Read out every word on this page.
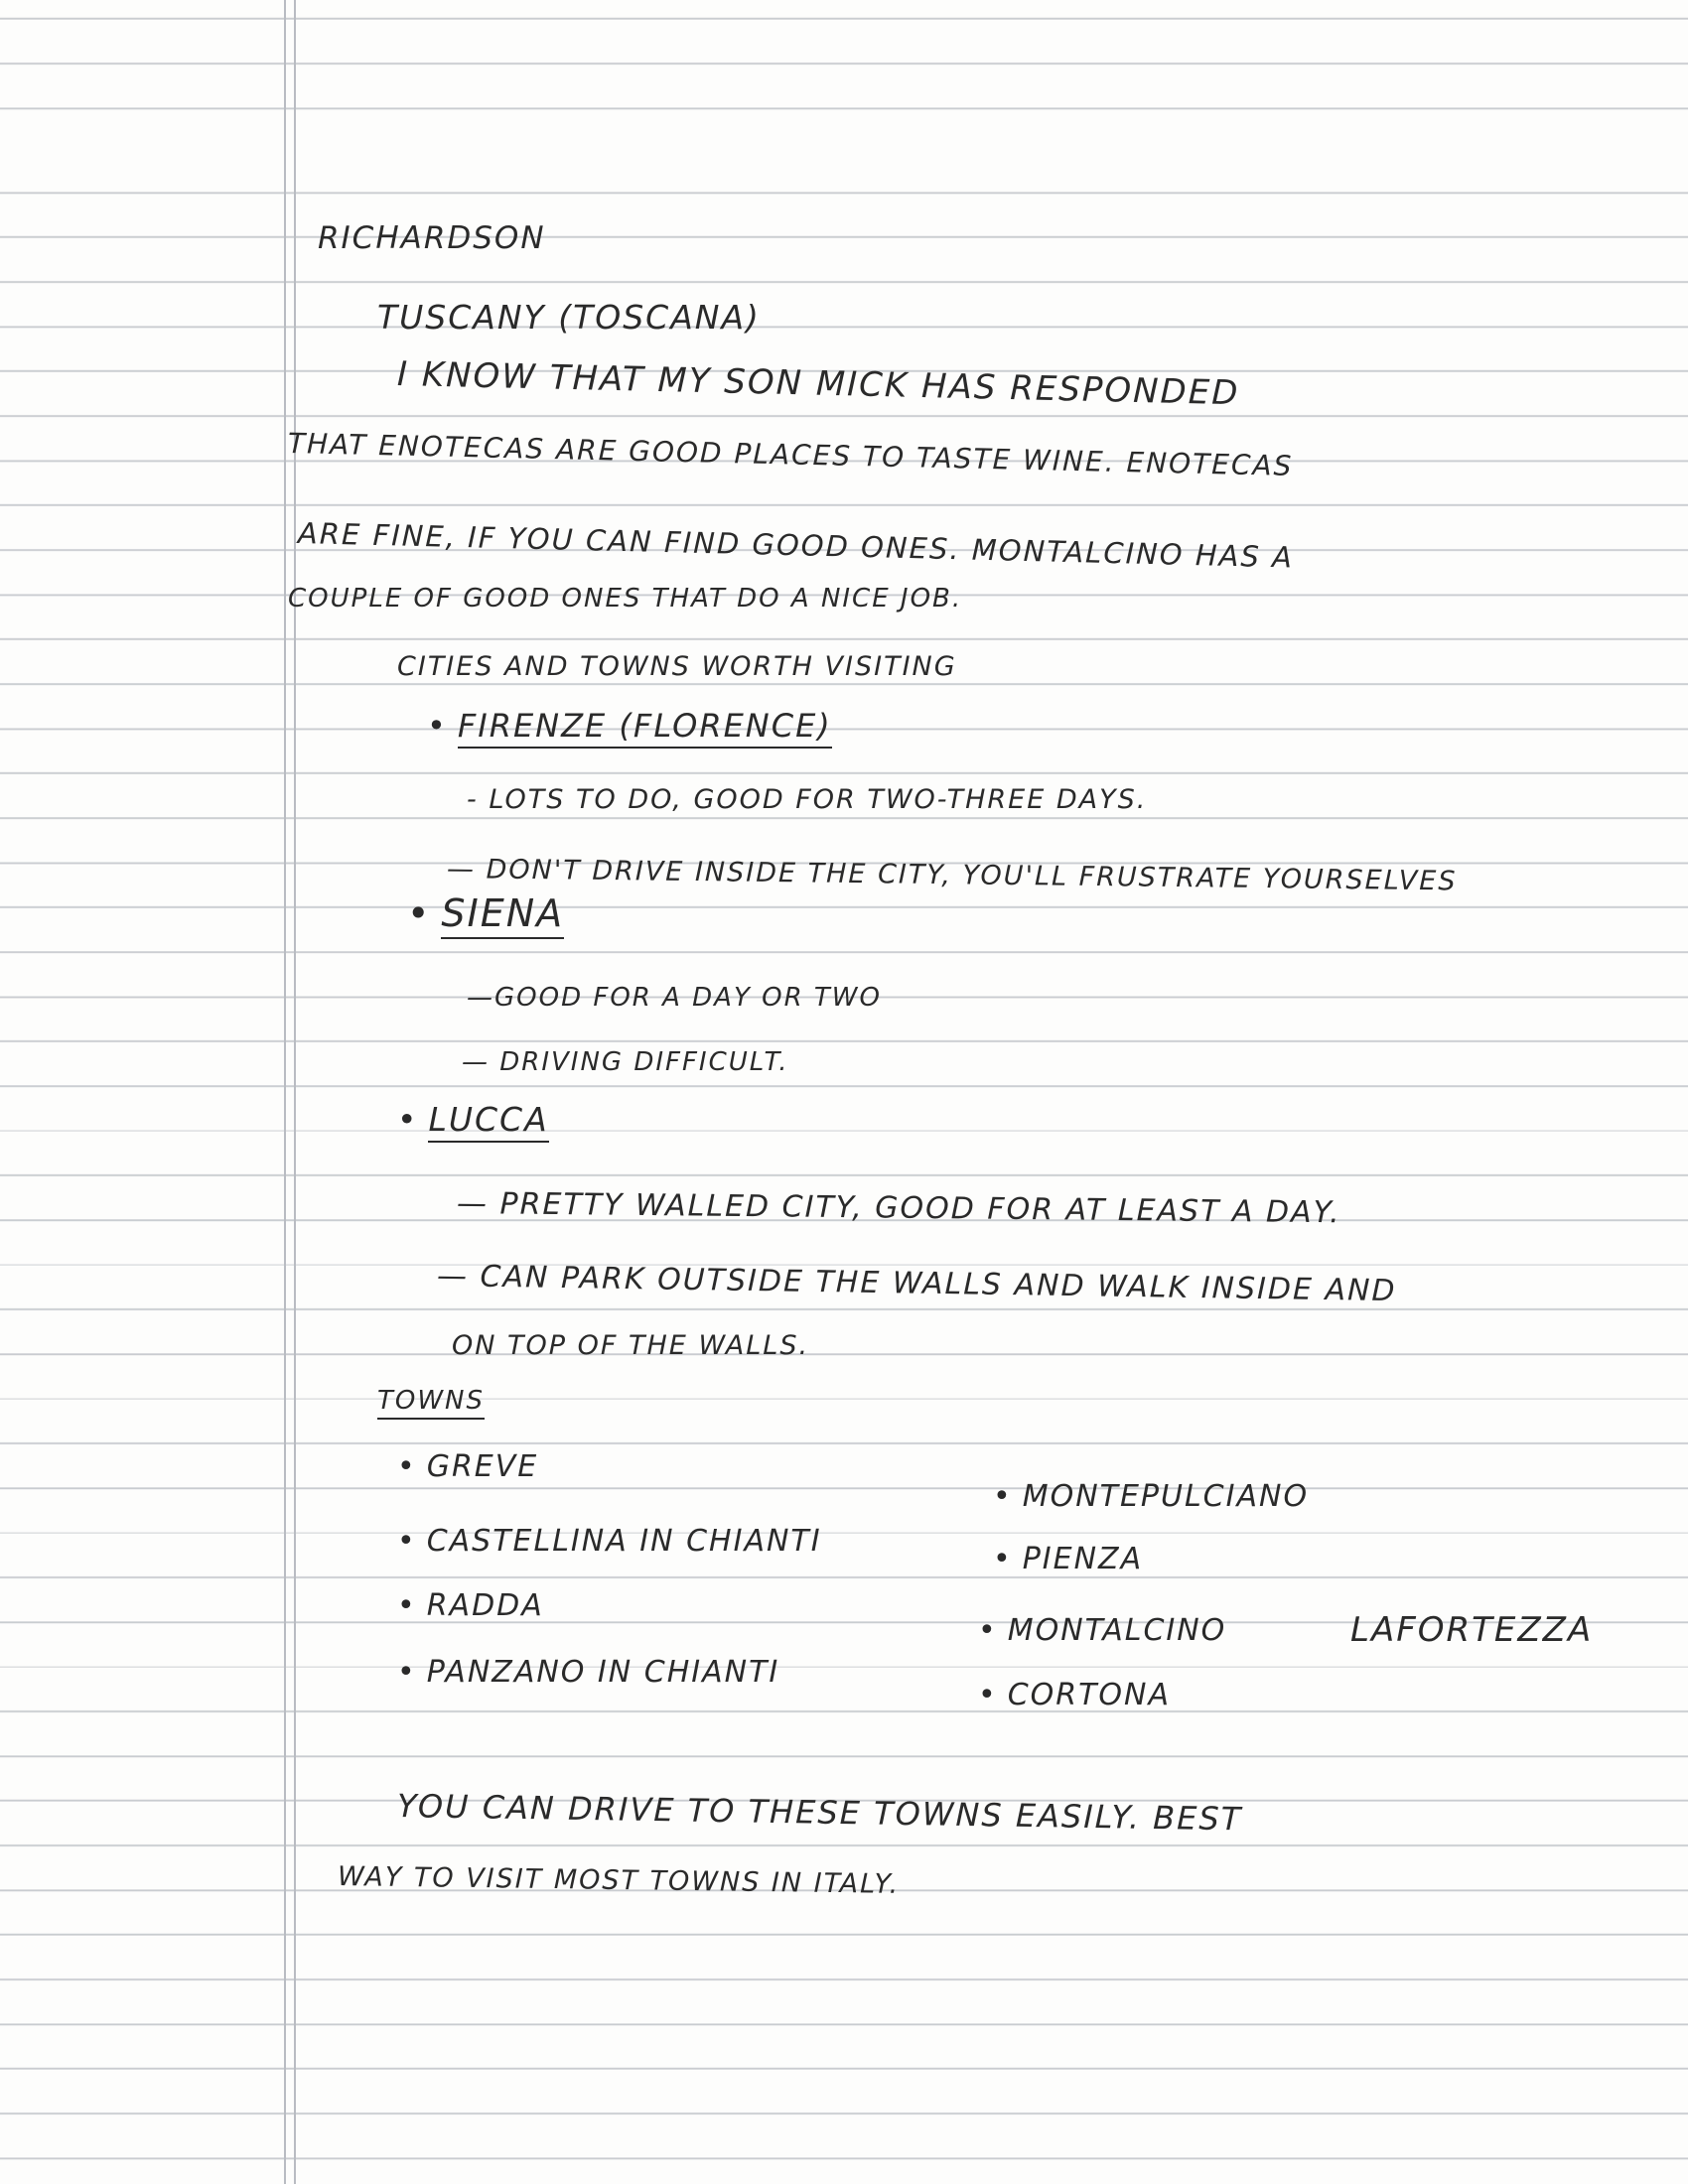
RICHARDSON
TUSCANY (TOSCANA)
I KNOW THAT MY SON MICK HAS RESPONDED
THAT ENOTECAS ARE GOOD PLACES TO TASTE WINE. ENOTECAS
ARE FINE, IF YOU CAN FIND GOOD ONES. MONTALCINO HAS A
COUPLE OF GOOD ONES THAT DO A NICE JOB.
CITIES AND TOWNS WORTH VISITING
• FIRENZE (FLORENCE)
- LOTS TO DO, GOOD FOR TWO-THREE DAYS.
— DON'T DRIVE INSIDE THE CITY, YOU'LL FRUSTRATE YOURSELVES
• SIENA
—GOOD FOR A DAY OR TWO
— DRIVING DIFFICULT.
• LUCCA
— PRETTY WALLED CITY, GOOD FOR AT LEAST A DAY.
— CAN PARK OUTSIDE THE WALLS AND WALK INSIDE AND
ON TOP OF THE WALLS.
TOWNS
• GREVE
• CASTELLINA IN CHIANTI
• RADDA
• PANZANO IN CHIANTI
• MONTEPULCIANO
• PIENZA
• MONTALCINO	LAFORTEZZA
• CORTONA
YOU CAN DRIVE TO THESE TOWNS EASILY. BEST
WAY TO VISIT MOST TOWNS IN ITALY.
